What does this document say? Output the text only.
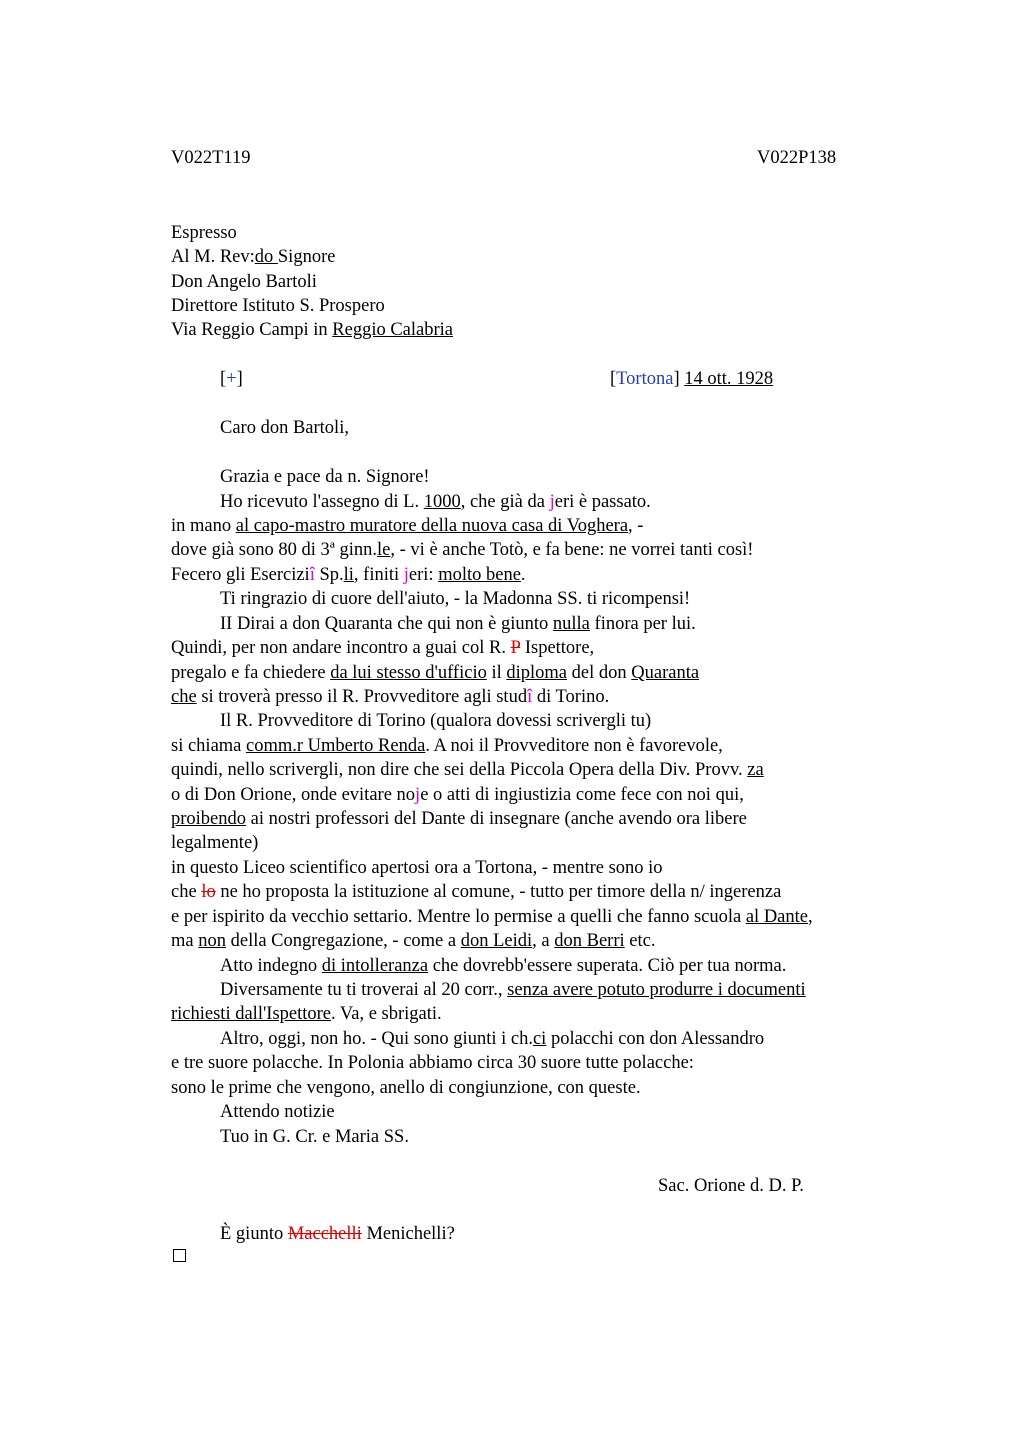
V022T119	V022P138
Espresso
Al M. Rev:do Signore
Don Angelo Bartoli
Direttore Istituto S. Prospero
Via Reggio Campi in Reggio Calabria
[+]	[Tortona] 14 ott. 1928
Caro don Bartoli,
Grazia e pace da n. Signore!
Ho ricevuto l'assegno di L. 1000, che già da jeri è passato.
in mano al capo-mastro muratore della nuova casa di Voghera, -
dove già sono 80 di 3ª ginn.le, - vi è anche Totò, e fa bene: ne vorrei tanti così!
Fecero gli Eserciziî Sp.li, finiti jeri: molto bene.
Ti ringrazio di cuore dell'aiuto, - la Madonna SS. ti ricompensi!
II Dirai a don Quaranta che qui non è giunto nulla finora per lui.
Quindi, per non andare incontro a guai col R. P Ispettore,
pregalo e fa chiedere da lui stesso d'ufficio il diploma del don Quaranta
che si troverà presso il R. Provveditore agli studî di Torino.
Il R. Provveditore di Torino (qualora dovessi scrivergli tu)
si chiama comm.r Umberto Renda. A noi il Provveditore non è favorevole,
quindi, nello scrivergli, non dire che sei della Piccola Opera della Div. Provv. za
o di Don Orione, onde evitare noje o atti di ingiustizia come fece con noi qui,
proibendo ai nostri professori del Dante di insegnare (anche avendo ora libere
legalmente)
in questo Liceo scientifico apertosi ora a Tortona, - mentre sono io
che lo ne ho proposta la istituzione al comune, - tutto per timore della n/ ingerenza
e per ispirito da vecchio settario. Mentre lo permise a quelli che fanno scuola al Dante,
ma non della Congregazione, - come a don Leidi, a don Berri etc.
Atto indegno di intolleranza che dovrebb'essere superata. Ciò per tua norma.
Diversamente tu ti troverai al 20 corr., senza avere potuto produrre i documenti
richiesti dall'Ispettore. Va, e sbrigati.
Altro, oggi, non ho. - Qui sono giunti i ch.ci polacchi con don Alessandro
e tre suore polacche. In Polonia abbiamo circa 30 suore tutte polacche:
sono le prime che vengono, anello di congiunzione, con queste.
Attendo notizie
Tuo in G. Cr. e Maria SS.
Sac. Orione d. D. P.
È giunto Macchelli Menichelli?
